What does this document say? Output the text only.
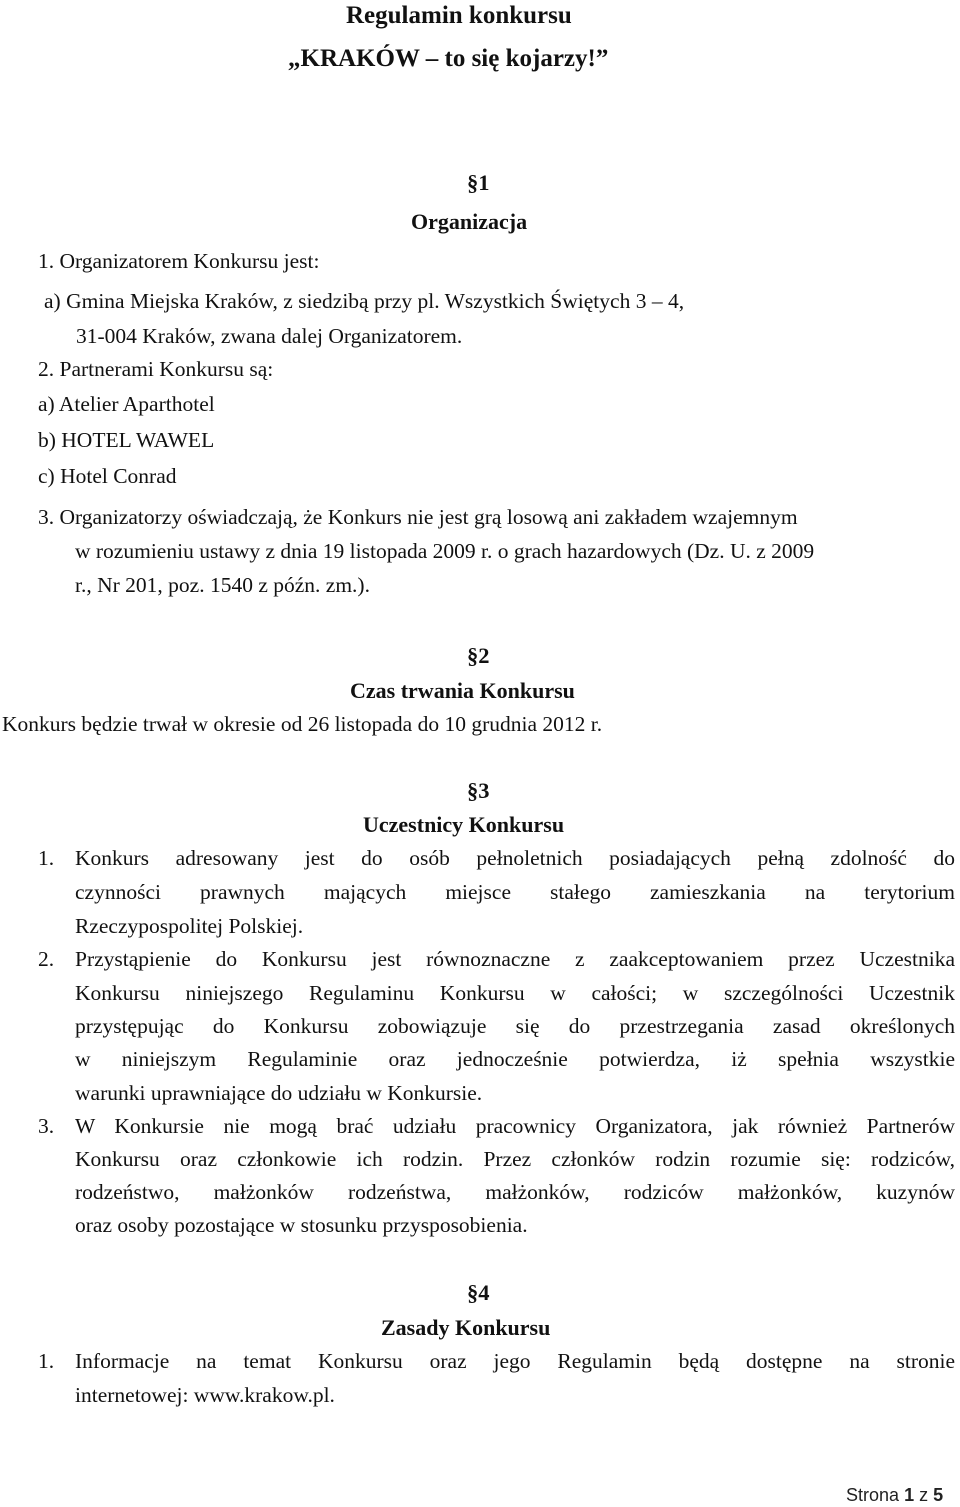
Regulamin konkursu
„KRAKÓW – to się kojarzy!”
§1
Organizacja
1. Organizatorem Konkursu jest:
a) Gmina Miejska Kraków, z siedzibą przy pl. Wszystkich Świętych 3 – 4,
31-004 Kraków, zwana dalej Organizatorem.
2. Partnerami Konkursu są:
a) Atelier Aparthotel
b) HOTEL WAWEL
c) Hotel Conrad
3. Organizatorzy oświadczają, że Konkurs nie jest grą losową ani zakładem wzajemnym
w rozumieniu ustawy z dnia 19 listopada 2009 r. o grach hazardowych (Dz. U. z 2009
r., Nr 201, poz. 1540 z późn. zm.).
§2
Czas trwania Konkursu
Konkurs będzie trwał w okresie od 26 listopada do 10 grudnia 2012 r.
§3
Uczestnicy Konkursu
1. Konkurs adresowany jest do osób pełnoletnich posiadających pełną zdolność do
czynności prawnych mających miejsce stałego zamieszkania na terytorium
Rzeczypospolitej Polskiej.
2. Przystąpienie do Konkursu jest równoznaczne z zaakceptowaniem przez Uczestnika
Konkursu niniejszego Regulaminu Konkursu w całości; w szczególności Uczestnik
przystępując do Konkursu zobowiązuje się do przestrzegania zasad określonych
w niniejszym Regulaminie oraz jednocześnie potwierdza, iż spełnia wszystkie
warunki uprawniające do udziału w Konkursie.
3. W Konkursie nie mogą brać udziału pracownicy Organizatora, jak również Partnerów
Konkursu oraz członkowie ich rodzin. Przez członków rodzin rozumie się: rodziców,
rodzeństwo, małżonków rodzeństwa, małżonków, rodziców małżonków, kuzynów
oraz osoby pozostające w stosunku przysposobienia.
§4
Zasady Konkursu
1. Informacje na temat Konkursu oraz jego Regulamin będą dostępne na stronie
internetowej: www.krakow.pl.
Strona 1 z 5
